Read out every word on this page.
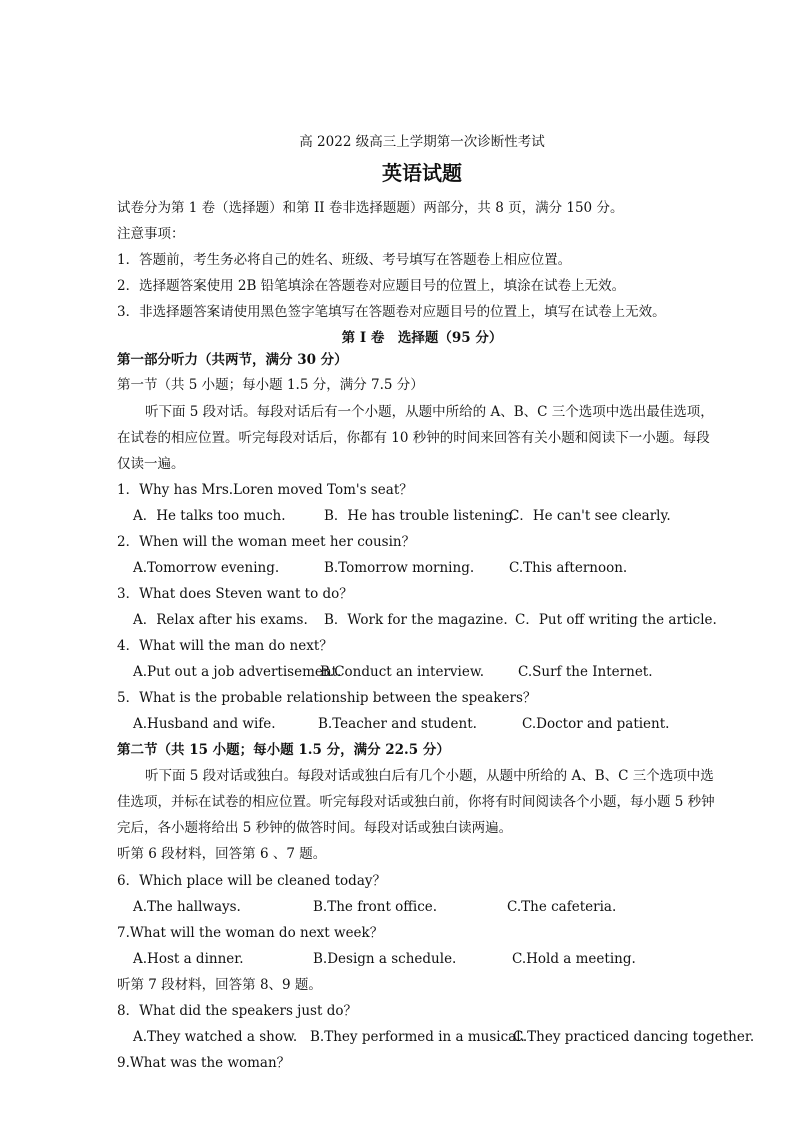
高 2022 级高三上学期第一次诊断性考试
英语试题
试卷分为第 1 卷（选择题）和第 II 卷非选择题题）两部分，共 8 页，满分 150 分。
注意事项：
1．答题前，考生务必将自己的姓名、班级、考号填写在答题卷上相应位置。
2．选择题答案使用 2B 铅笔填涂在答题卷对应题目号的位置上，填涂在试卷上无效。
3．非选择题答案请使用黑色签字笔填写在答题卷对应题目号的位置上，填写在试卷上无效。
第 I 卷　选择题（95 分）
第一部分听力（共两节，满分 30 分）
第一节（共 5 小题；每小题 1.5 分，满分 7.5 分）
听下面 5 段对话。每段对话后有一个小题，从题中所给的 A、B、C 三个选项中选出最佳选项，
在试卷的相应位置。听完每段对话后，你都有 10 秒钟的时间来回答有关小题和阅读下一小题。每段
仅读一遍。
1．Why has Mrs.Loren moved Tom's seat？
A．He talks too much.	B．He has trouble listening.
C．He can't see clearly.
2．When will the woman meet her cousin？
A.Tomorrow evening.	B.Tomorrow morning.	C.This afternoon.
3．What does Steven want to do？
A．Relax after his exams. B．Work for the magazine. C．Put off writing the article.
4．What will the man do next？
A.Put out a job advertisement.
B.Conduct an interview.	C.Surf the Internet.
5．What is the probable relationship between the speakers？
A.Husband and wife.	B.Teacher and student.	C.Doctor and patient.
第二节（共 15 小题；每小题 1.5 分，满分 22.5 分）
听下面 5 段对话或独白。每段对话或独白后有几个小题，从题中所给的 A、B、C 三个选项中选
佳选项，并标在试卷的相应位置。听完每段对话或独白前，你将有时间阅读各个小题，每小题 5 秒钟
完后，各小题将给出 5 秒钟的做答时间。每段对话或独白读两遍。
听第 6 段材料，回答第 6 、7 题。
6．Which place will be cleaned today？
A.The hallways.	B.The front office.	C.The cafeteria.
7.What will the woman do next week？
A.Host a dinner.	B.Design a schedule.	C.Hold a meeting.
听第 7 段材料，回答第 8、9 题。
8．What did the speakers just do？
A.They watched a show. B.They performed in a musical.
C.They practiced dancing together.
9.What was the woman？
